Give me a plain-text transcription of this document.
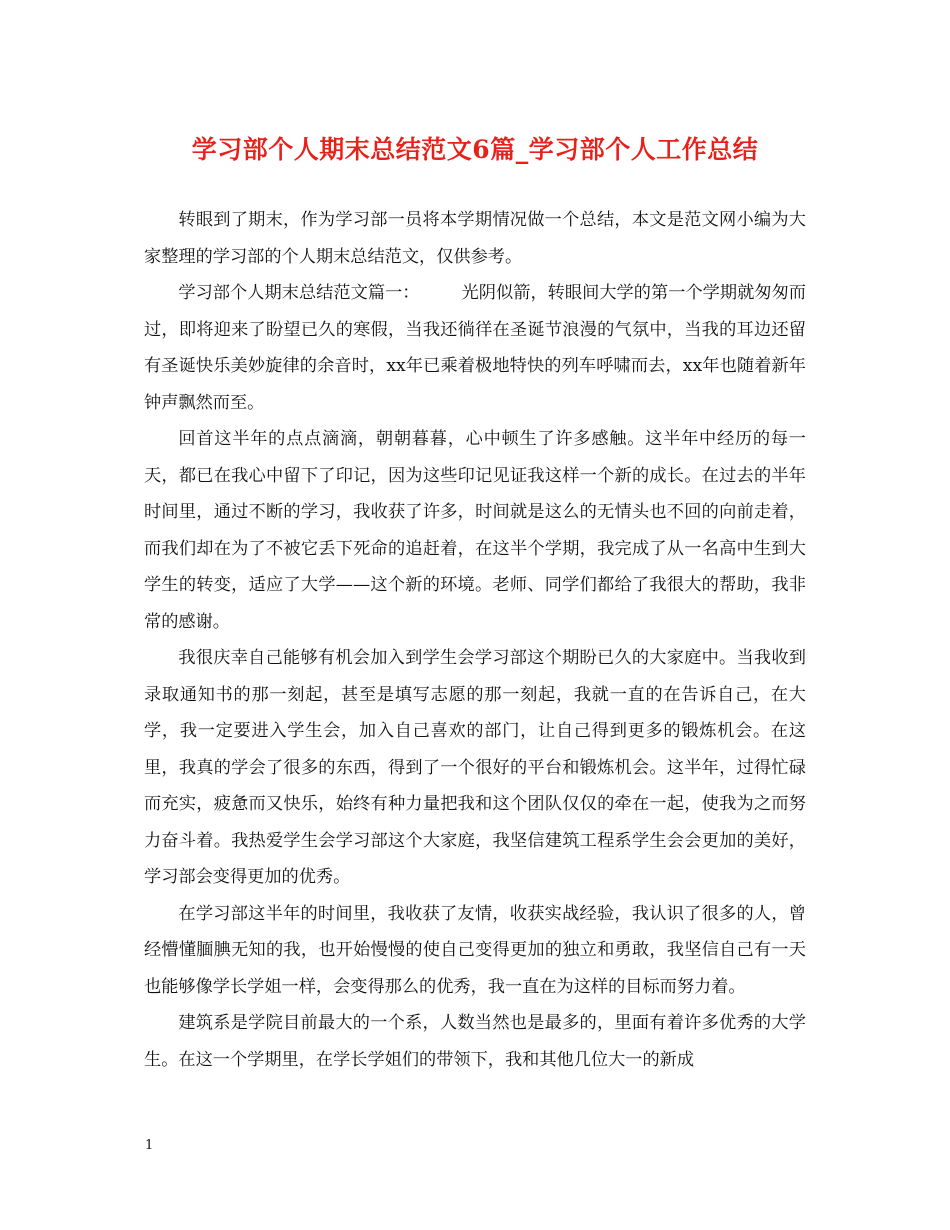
学习部个人期末总结范文6篇_学习部个人工作总结

转眼到了期末，作为学习部一员将本学期情况做一个总结，本文是范文网小编为大家整理的学习部的个人期末总结范文，仅供参考。

学习部个人期末总结范文篇一： 光阴似箭，转眼间大学的第一个学期就匆匆而过，即将迎来了盼望已久的寒假，当我还徜徉在圣诞节浪漫的气氛中，当我的耳边还留有圣诞快乐美妙旋律的余音时，xx年已乘着极地特快的列车呼啸而去，xx年也随着新年钟声飘然而至。

回首这半年的点点滴滴，朝朝暮暮，心中顿生了许多感触。这半年中经历的每一天，都已在我心中留下了印记，因为这些印记见证我这样一个新的成长。在过去的半年时间里，通过不断的学习，我收获了许多，时间就是这么的无情头也不回的向前走着，而我们却在为了不被它丢下死命的追赶着，在这半个学期，我完成了从一名高中生到大学生的转变，适应了大学——这个新的环境。老师、同学们都给了我很大的帮助，我非常的感谢。

我很庆幸自己能够有机会加入到学生会学习部这个期盼已久的大家庭中。当我收到录取通知书的那一刻起，甚至是填写志愿的那一刻起，我就一直的在告诉自己，在大学，我一定要进入学生会，加入自己喜欢的部门，让自己得到更多的锻炼机会。在这里，我真的学会了很多的东西，得到了一个很好的平台和锻炼机会。这半年，过得忙碌而充实，疲惫而又快乐，始终有种力量把我和这个团队仅仅的牵在一起，使我为之而努力奋斗着。我热爱学生会学习部这个大家庭，我坚信建筑工程系学生会会更加的美好，学习部会变得更加的优秀。

在学习部这半年的时间里，我收获了友情，收获实战经验，我认识了很多的人，曾经懵懂腼腆无知的我，也开始慢慢的使自己变得更加的独立和勇敢，我坚信自己有一天也能够像学长学姐一样，会变得那么的优秀，我一直在为这样的目标而努力着。

建筑系是学院目前最大的一个系，人数当然也是最多的，里面有着许多优秀的大学生。在这一个学期里，在学长学姐们的带领下，我和其他几位大一的新成

1
